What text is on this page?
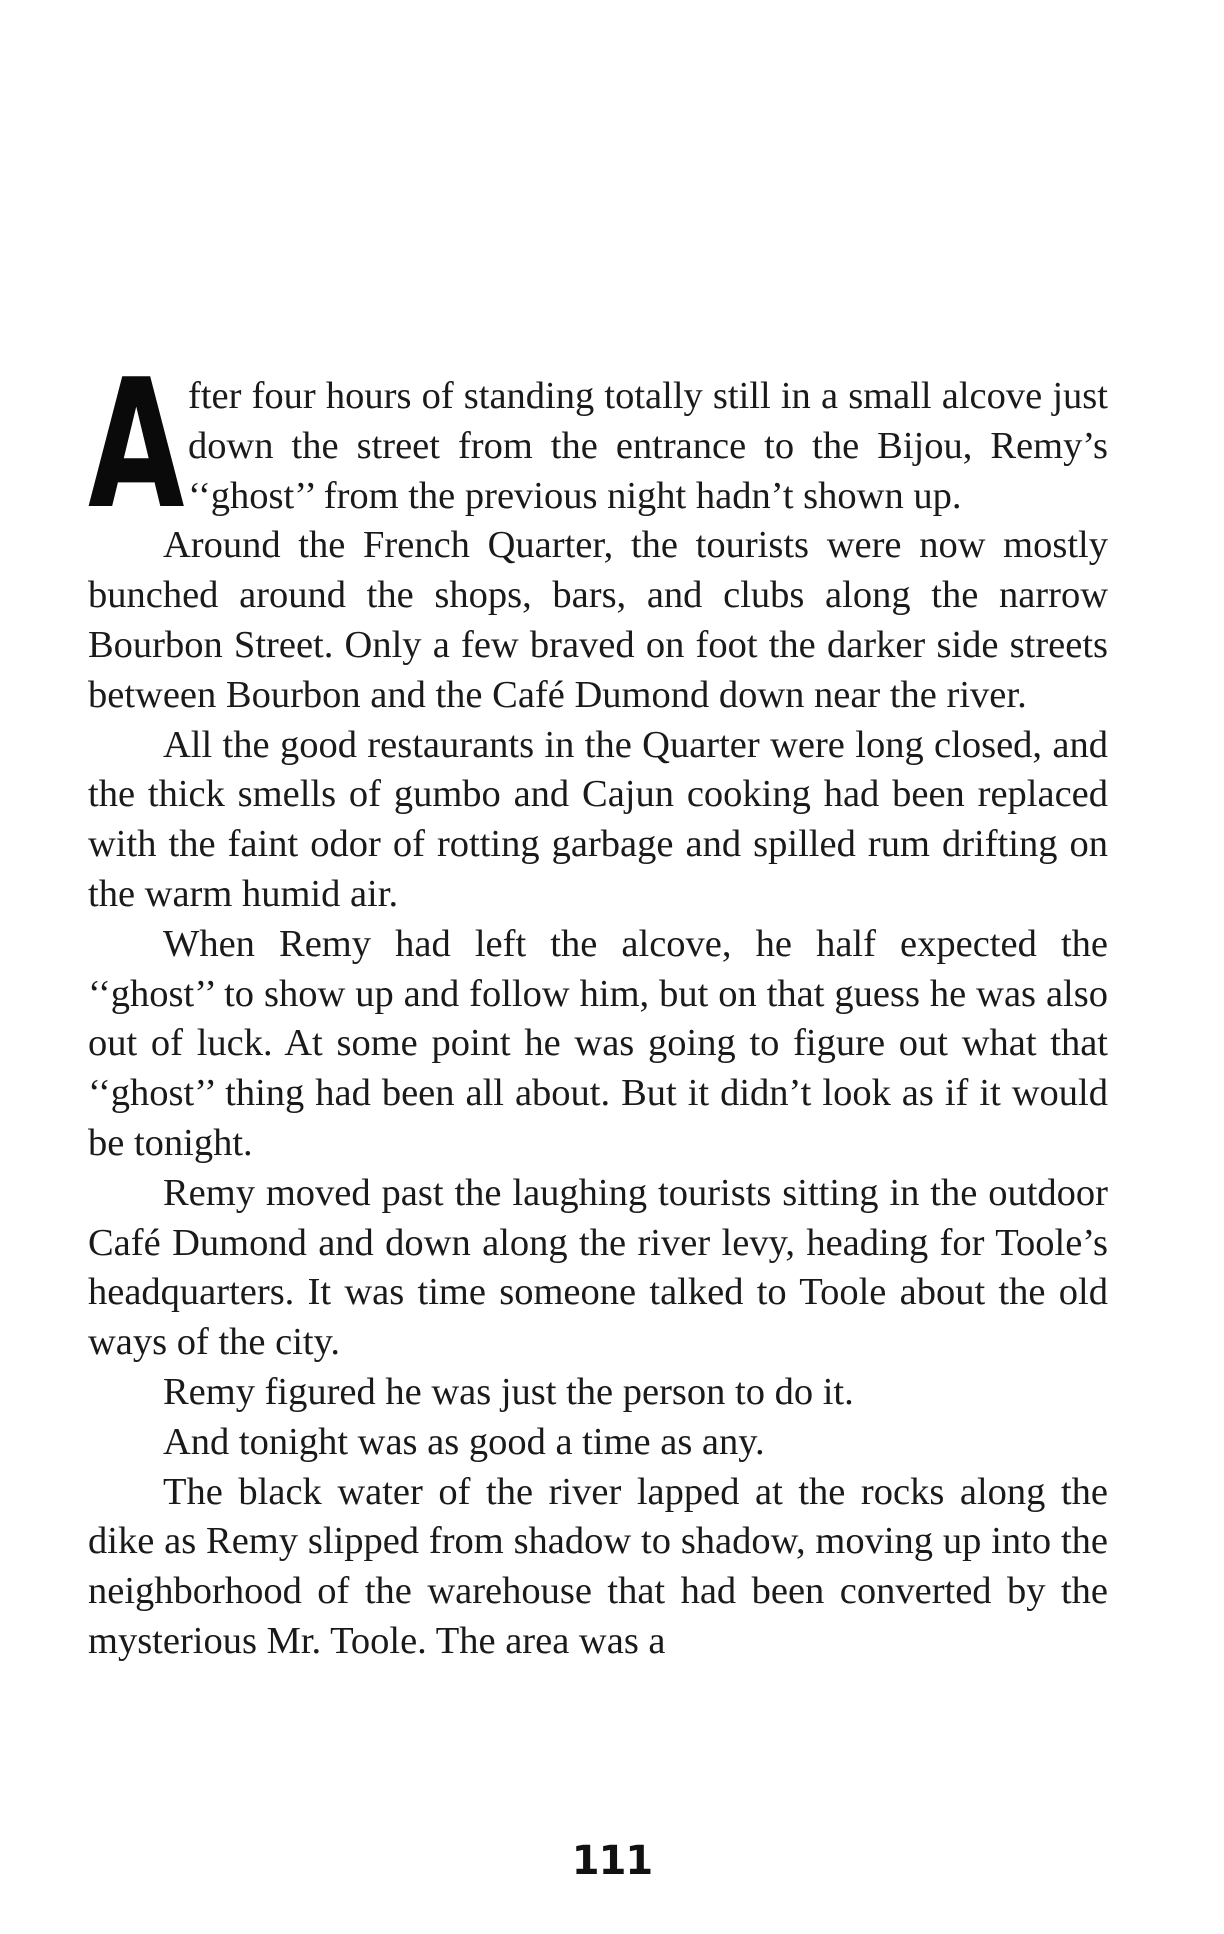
After four hours of standing totally still in a small alcove just down the street from the entrance to the Bijou, Remy’s ‘‘ghost’’ from the previous night hadn’t shown up.

Around the French Quarter, the tourists were now mostly bunched around the shops, bars, and clubs along the narrow Bourbon Street. Only a few braved on foot the darker side streets between Bourbon and the Café Dumond down near the river.

All the good restaurants in the Quarter were long closed, and the thick smells of gumbo and Cajun cooking had been replaced with the faint odor of rotting garbage and spilled rum drifting on the warm humid air.

When Remy had left the alcove, he half expected the ‘‘ghost’’ to show up and follow him, but on that guess he was also out of luck. At some point he was going to figure out what that ‘‘ghost’’ thing had been all about. But it didn’t look as if it would be tonight.

Remy moved past the laughing tourists sitting in the outdoor Café Dumond and down along the river levy, heading for Toole’s headquarters. It was time someone talked to Toole about the old ways of the city.

Remy figured he was just the person to do it.

And tonight was as good a time as any.

The black water of the river lapped at the rocks along the dike as Remy slipped from shadow to shadow, moving up into the neighborhood of the warehouse that had been converted by the mysterious Mr. Toole. The area was a

111
